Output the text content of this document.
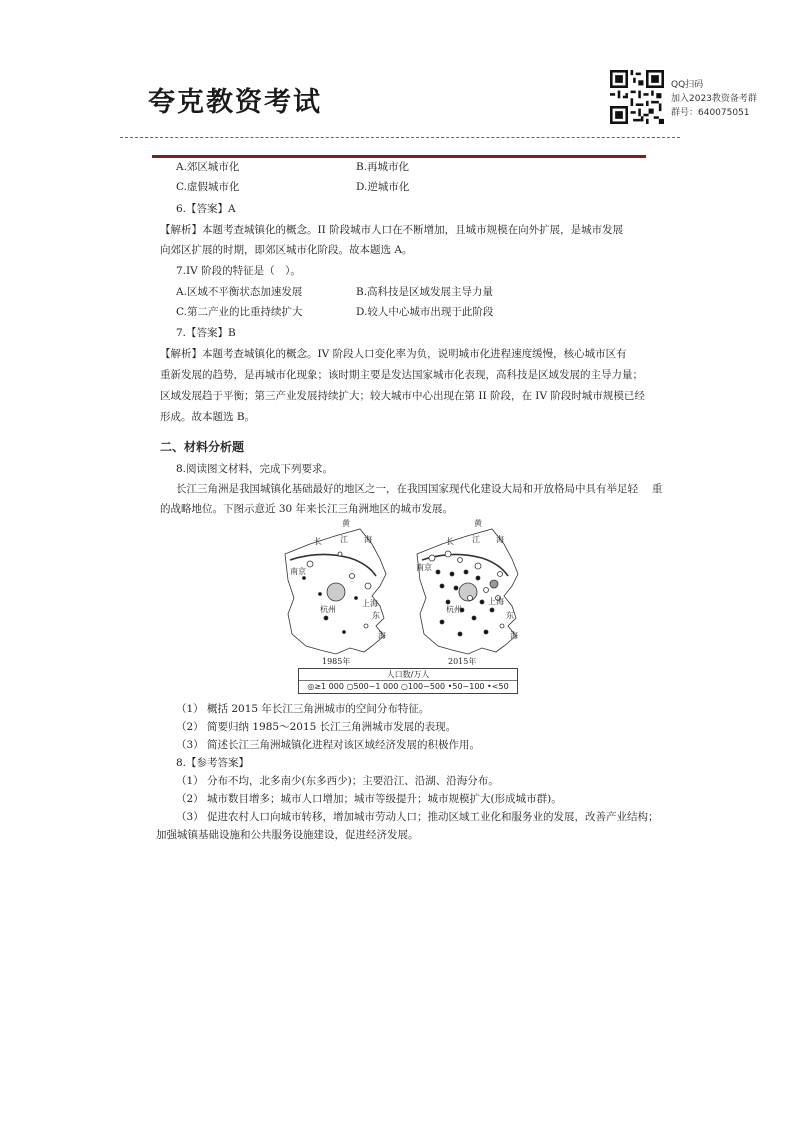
夸克教资考试
QQ扫码
加入2023教资备考群
群号：640075051
A.郊区城市化	B.再城市化
C.虚假城市化	D.逆城市化
6.【答案】A
【解析】本题考查城镇化的概念。II 阶段城市人口在不断增加，且城市规模在向外扩展，是城市发展
向郊区扩展的时期，即郊区城市化阶段。故本题选 A。
7.IV 阶段的特征是（　）。
A.区域不平衡状态加速发展	B.高科技是区域发展主导力量
C.第二产业的比重持续扩大	D.较人中心城市出现于此阶段
7.【答案】B
【解析】本题考查城镇化的概念。IV 阶段人口变化率为负，说明城市化进程速度缓慢，核心城市区有
重新发展的趋势，是再城市化现象；该时期主要是发达国家城市化表现，高科技是区域发展的主导力量；
区域发展趋于平衡；第三产业发展持续扩大；较大城市中心出现在第 II 阶段，在 IV 阶段时城市规模已经
形成。故本题选 B。
二、材料分析题
8.阅读图文材料，完成下列要求。
长江三角洲是我国城镇化基础最好的地区之一，在我国国家现代化建设大局和开放格局中具有举足轻　 重
的战略地位。下图示意近 30 年来长江三角洲地区的城市发展。
黄
海
长 江
南京
上海
杭州
东
海
1985年
黄
海
长 江
南京
上海
杭州
东
海
2015年
人口数/万人
◎≥1 000 ○500~1 000 ○100~500 •50~100 •<50
（1） 概括 2015 年长江三角洲城市的空间分布特征。
（2） 简要归纳 1985～2015 长江三角洲城市发展的表现。
（3） 简述长江三角洲城镇化进程对该区域经济发展的积极作用。
8.【参考答案】
（1） 分布不均，北多南少(东多西少)；主要沿江、沿湖、沿海分布。
（2） 城市数目增多；城市人口增加；城市等级提升；城市规模扩大(形成城市群)。
（3） 促进农村人口向城市转移，增加城市劳动人口；推动区域工业化和服务业的发展，改善产业结构；
加强城镇基础设施和公共服务设施建设，促进经济发展。
